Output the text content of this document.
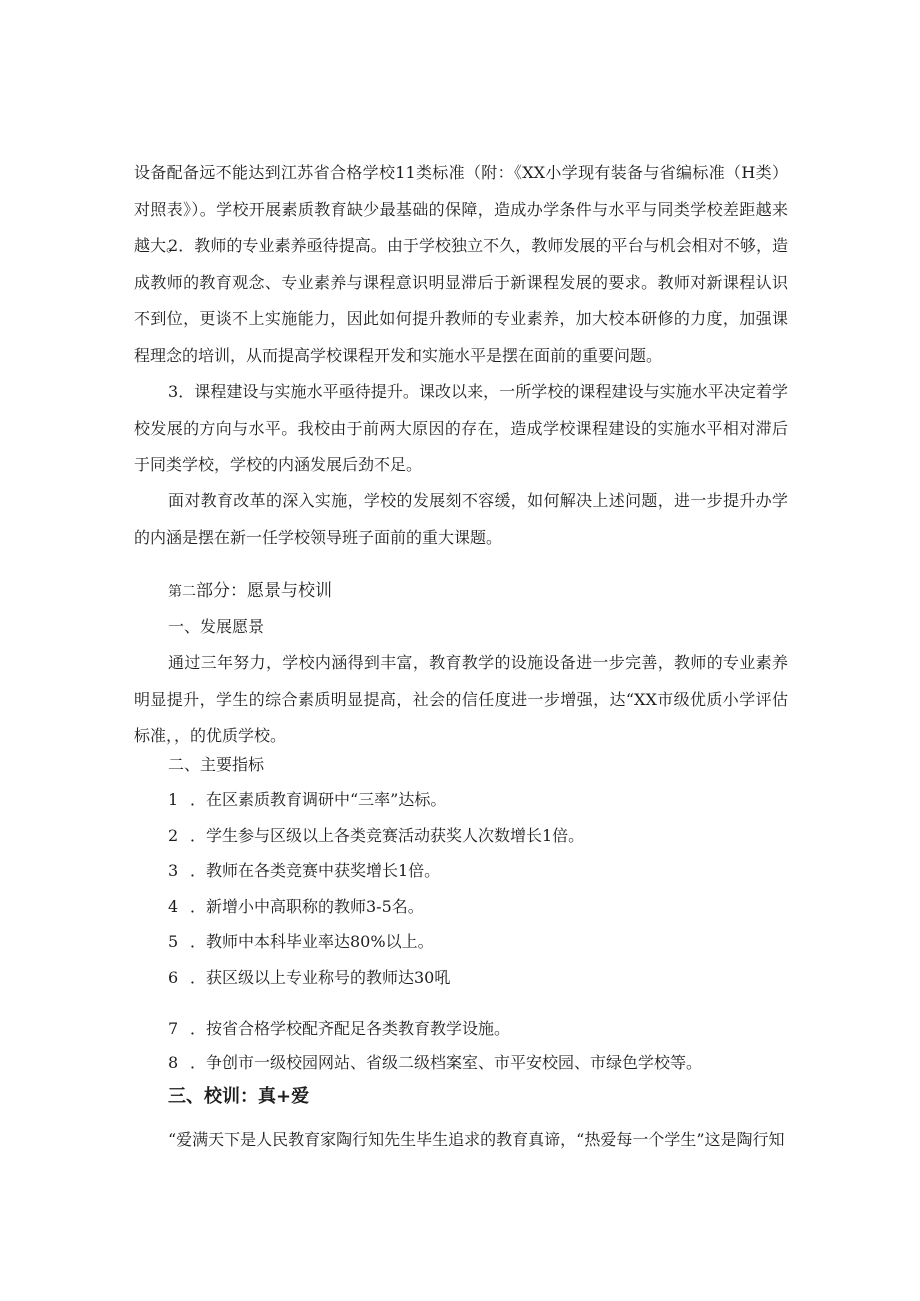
设备配备远不能达到江苏省合格学校11类标准（附：《XX小学现有装备与省编标准（H类）对照表》）。学校开展素质教育缺少最基础的保障，造成办学条件与水平与同类学校差距越来越大。

2．教师的专业素养亟待提高。由于学校独立不久，教师发展的平台与机会相对不够，造成教师的教育观念、专业素养与课程意识明显滞后于新课程发展的要求。教师对新课程认识不到位，更谈不上实施能力，因此如何提升教师的专业素养，加大校本研修的力度，加强课程理念的培训，从而提高学校课程开发和实施水平是摆在面前的重要问题。

3．课程建设与实施水平亟待提升。课改以来，一所学校的课程建设与实施水平决定着学校发展的方向与水平。我校由于前两大原因的存在，造成学校课程建设的实施水平相对滞后于同类学校，学校的内涵发展后劲不足。

面对教育改革的深入实施，学校的发展刻不容缓，如何解决上述问题，进一步提升办学的内涵是摆在新一任学校领导班子面前的重大课题。

第二部分：愿景与校训

一、发展愿景

通过三年努力，学校内涵得到丰富，教育教学的设施设备进一步完善，教师的专业素养明显提升，学生的综合素质明显提高，社会的信任度进一步增强，达“XX市级优质小学评估标准，，的优质学校。

二、主要指标

1 ．在区素质教育调研中“三率”达标。

2 ．学生参与区级以上各类竞赛活动获奖人次数增长1倍。

3 ．教师在各类竞赛中获奖增长1倍。

4 ．新增小中高职称的教师3-5名。

5 ．教师中本科毕业率达80%以上。

6 ．获区级以上专业称号的教师达30吼

7 ．按省合格学校配齐配足各类教育教学设施。

8 ．争创市一级校园网站、省级二级档案室、市平安校园、市绿色学校等。

三、校训：真+爱

“爱满天下是人民教育家陶行知先生毕生追求的教育真谛，“热爱每一个学生”这是陶行知
